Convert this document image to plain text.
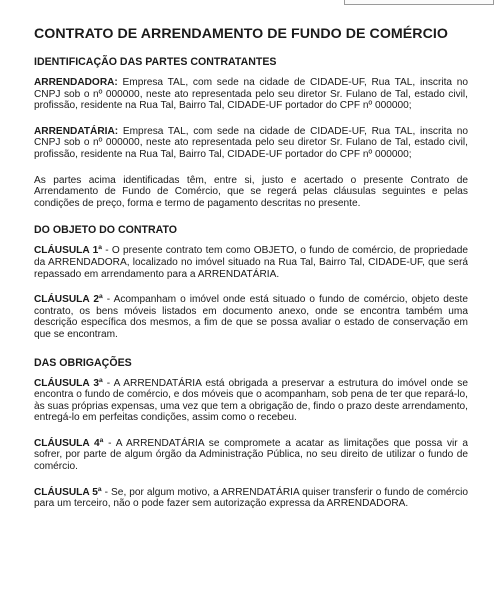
CONTRATO DE ARRENDAMENTO DE FUNDO DE COMÉRCIO
IDENTIFICAÇÃO DAS PARTES CONTRATANTES

ARRENDADORA: Empresa TAL, com sede na cidade de CIDADE-UF, Rua TAL, inscrita no CNPJ sob o nº 000000, neste ato representada pelo seu diretor Sr. Fulano de Tal, estado civil, profissão, residente na Rua Tal, Bairro Tal, CIDADE-UF portador do CPF nº 000000;

ARRENDATÁRIA: Empresa TAL, com sede na cidade de CIDADE-UF, Rua TAL, inscrita no CNPJ sob o nº 000000, neste ato representada pelo seu diretor Sr. Fulano de Tal, estado civil, profissão, residente na Rua Tal, Bairro Tal, CIDADE-UF portador do CPF nº 000000;

As partes acima identificadas têm, entre si, justo e acertado o presente Contrato de Arrendamento de Fundo de Comércio, que se regerá pelas cláusulas seguintes e pelas condições de preço, forma e termo de pagamento descritas no presente.

DO OBJETO DO CONTRATO

CLÁUSULA 1ª - O presente contrato tem como OBJETO, o fundo de comércio, de propriedade da ARRENDADORA, localizado no imóvel situado na Rua Tal, Bairro Tal, CIDADE-UF, que será repassado em arrendamento para a ARRENDATÁRIA.

CLÁUSULA 2ª - Acompanham o imóvel onde está situado o fundo de comércio, objeto deste contrato, os bens móveis listados em documento anexo, onde se encontra também uma descrição específica dos mesmos, a fim de que se possa avaliar o estado de conservação em que se encontram.

DAS OBRIGAÇÕES

CLÁUSULA 3ª - A ARRENDATÁRIA está obrigada a preservar a estrutura do imóvel onde se encontra o fundo de comércio, e dos móveis que o acompanham, sob pena de ter que repará-lo, às suas próprias expensas, uma vez que tem a obrigação de, findo o prazo deste arrendamento, entregá-lo em perfeitas condições, assim como o recebeu.

CLÁUSULA 4ª - A ARRENDATÁRIA se compromete a acatar as limitações que possa vir a sofrer, por parte de algum órgão da Administração Pública, no seu direito de utilizar o fundo de comércio.

CLÁUSULA 5ª - Se, por algum motivo, a ARRENDATÁRIA quiser transferir o fundo de comércio para um terceiro, não o pode fazer sem autorização expressa da ARRENDADORA.
